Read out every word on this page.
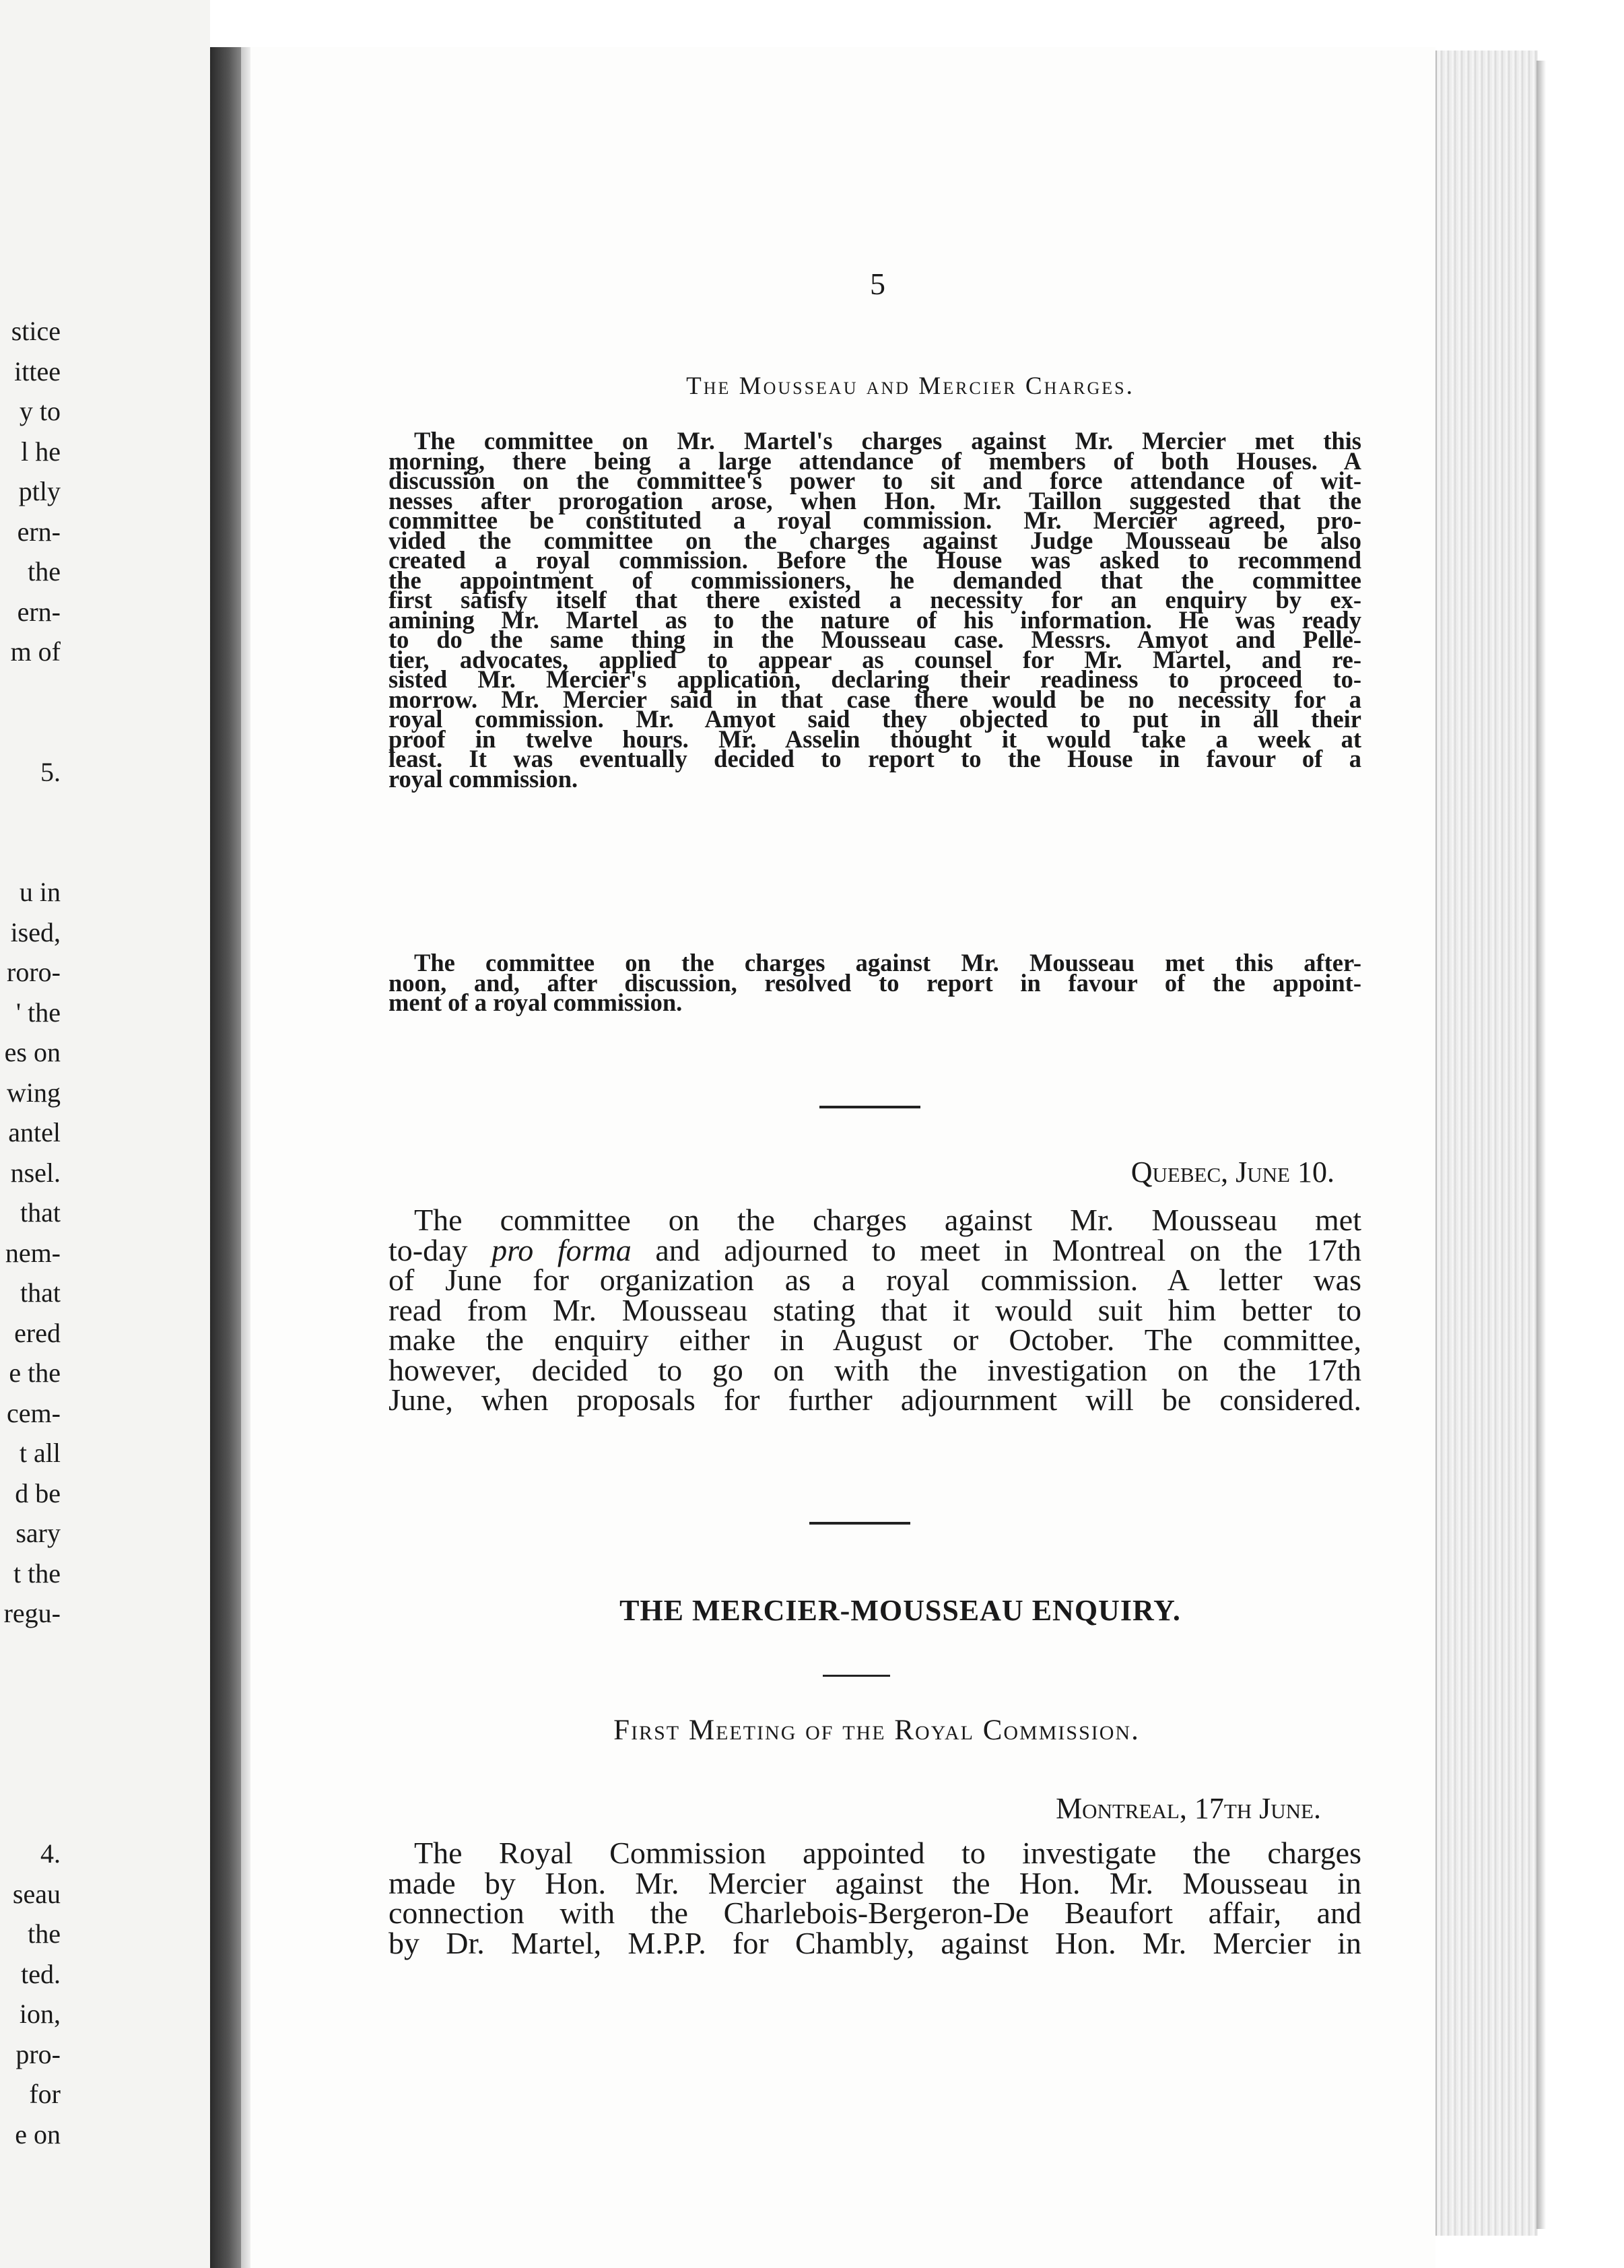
stice
ittee
y to
l he
ptly
ern-
the
ern-
m of
5.
u in
ised,
roro-
' the
es on
wing
antel
nsel.
that
nem-
that
ered
e the
cem-
t all
d be
sary
t the
regu-
4.
seau
the
ted.
ion,
pro-
for
e on
5
The Mousseau and Mercier Charges.
The committee on Mr. Martel's charges against Mr. Mercier met this
morning, there being a large attendance of members of both Houses. A
discussion on the committee's power to sit and force attendance of wit-
nesses after prorogation arose, when Hon. Mr. Taillon suggested that the
committee be constituted a royal commission. Mr. Mercier agreed, pro-
vided the committee on the charges against Judge Mousseau be also
created a royal commission. Before the House was asked to recommend
the appointment of commissioners, he demanded that the committee
first satisfy itself that there existed a necessity for an enquiry by ex-
amining Mr. Martel as to the nature of his information. He was ready
to do the same thing in the Mousseau case. Messrs. Amyot and Pelle-
tier, advocates, applied to appear as counsel for Mr. Martel, and re-
sisted Mr. Mercier's application, declaring their readiness to proceed to-
morrow. Mr. Mercier said in that case there would be no necessity for a
royal commission. Mr. Amyot said they objected to put in all their
proof in twelve hours. Mr. Asselin thought it would take a week at
least. It was eventually decided to report to the House in favour of a
royal commission.
The committee on the charges against Mr. Mousseau met this after-
noon, and, after discussion, resolved to report in favour of the appoint-
ment of a royal commission.
Quebec, June 10.
The committee on the charges against Mr. Mousseau met
to-day pro forma and adjourned to meet in Montreal on the 17th
of June for organization as a royal commission. A letter was
read from Mr. Mousseau stating that it would suit him better to
make the enquiry either in August or October. The committee,
however, decided to go on with the investigation on the 17th
June, when proposals for further adjournment will be considered.
THE MERCIER-MOUSSEAU ENQUIRY.
First Meeting of the Royal Commission.
Montreal, 17th June.
The Royal Commission appointed to investigate the charges
made by Hon. Mr. Mercier against the Hon. Mr. Mousseau in
connection with the Charlebois-Bergeron-De Beaufort affair, and
by Dr. Martel, M.P.P. for Chambly, against Hon. Mr. Mercier in
